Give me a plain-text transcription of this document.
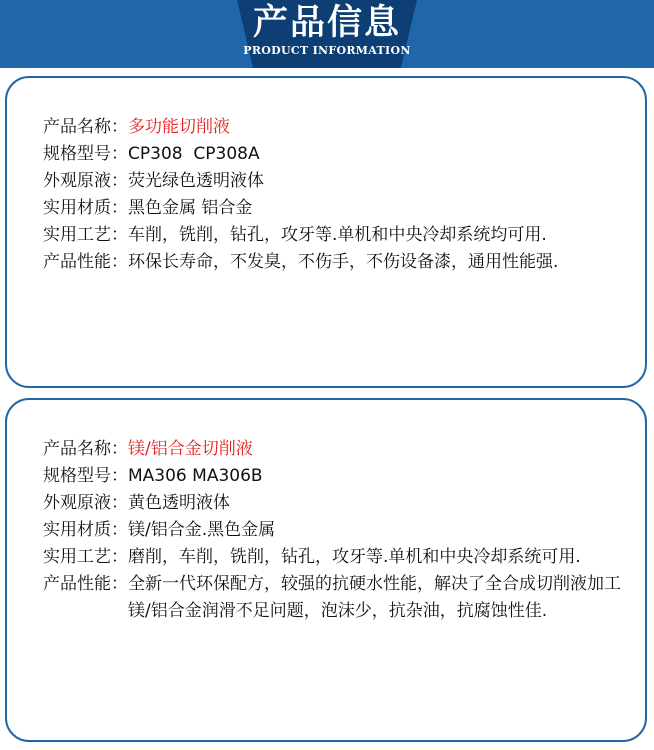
产品信息
PRODUCT INFORMATION
产品名称： 多功能切削液
规格型号： CP308  CP308A
外观原液： 荧光绿色透明液体
实用材质： 黑色金属 铝合金
实用工艺： 车削，铣削，钻孔，攻牙等.单机和中央冷却系统均可用.
产品性能： 环保长寿命，不发臭，不伤手，不伤设备漆，通用性能强.
产品名称： 镁/铝合金切削液
规格型号： MA306 MA306B
外观原液： 黄色透明液体
实用材质： 镁/铝合金.黑色金属
实用工艺： 磨削，车削，铣削，钻孔，攻牙等.单机和中央冷却系统可用.
产品性能： 全新一代环保配方，较强的抗硬水性能，解决了全合成切削液加工镁/铝合金润滑不足问题，泡沫少，抗杂油，抗腐蚀性佳.
